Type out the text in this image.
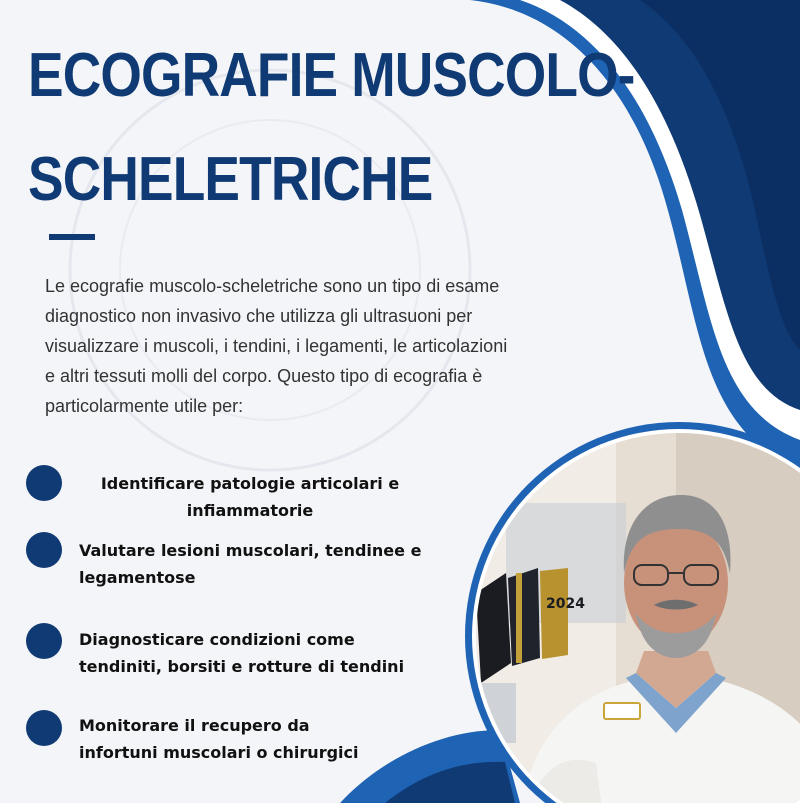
ECOGRAFIE MUSCOLO-
SCHELETRICHE

Le ecografie muscolo-scheletriche sono un tipo di esame diagnostico non invasivo che utilizza gli ultrasuoni per visualizzare i muscoli, i tendini, i legamenti, le articolazioni e altri tessuti molli del corpo. Questo tipo di ecografia è particolarmente utile per:

Identificare patologie articolari e
infiammatorie

Valutare lesioni muscolari, tendinee e
legamentose

Diagnosticare condizioni come
tendiniti, borsiti e rotture di tendini

Monitorare il recupero da
infortuni muscolari o chirurgici

2024
